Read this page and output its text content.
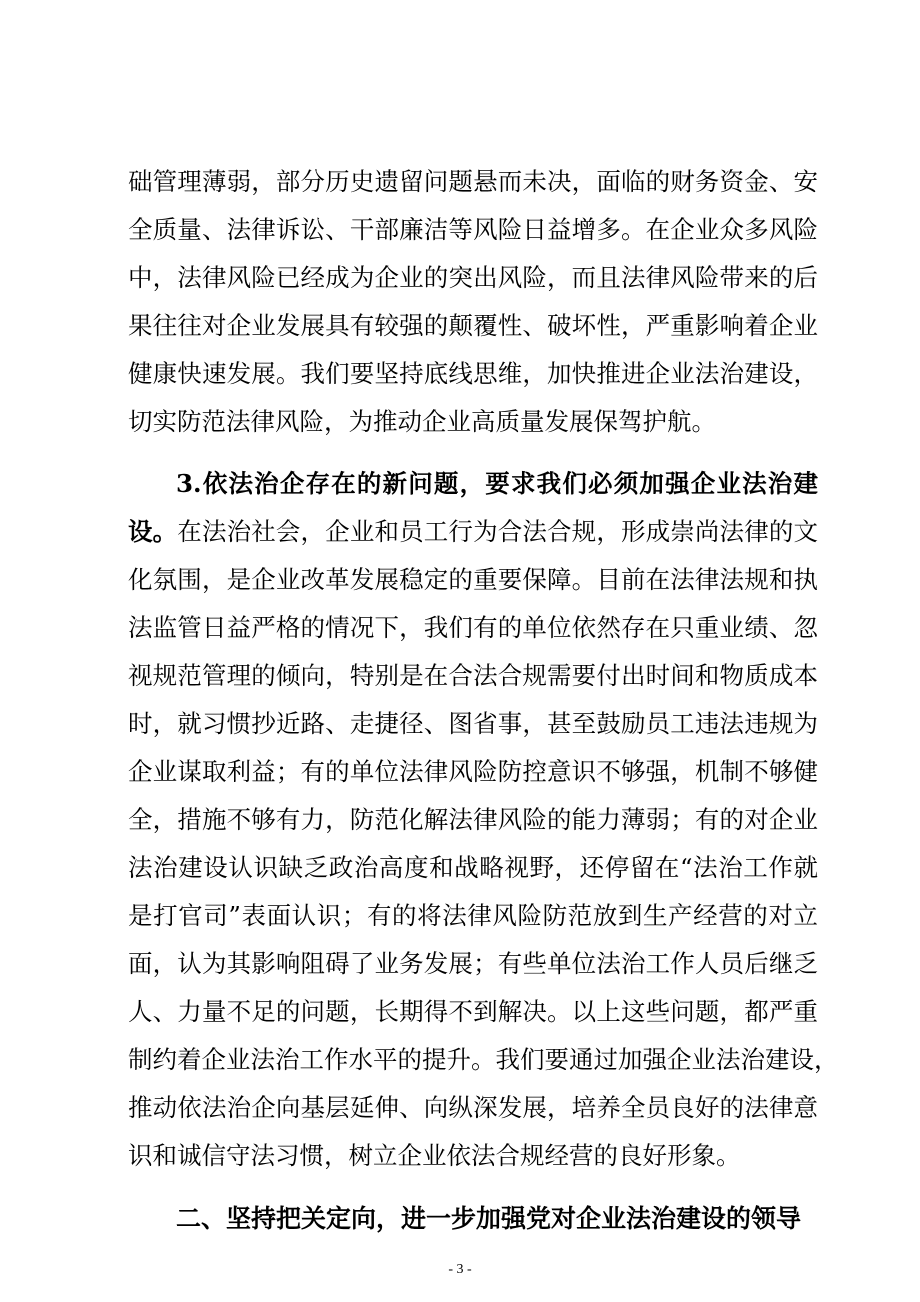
础管理薄弱，部分历史遗留问题悬而未决，面临的财务资金、安
全质量、法律诉讼、干部廉洁等风险日益增多。在企业众多风险
中，法律风险已经成为企业的突出风险，而且法律风险带来的后
果往往对企业发展具有较强的颠覆性、破坏性，严重影响着企业
健康快速发展。我们要坚持底线思维，加快推进企业法治建设，
切实防范法律风险，为推动企业高质量发展保驾护航。
3.依法治企存在的新问题，要求我们必须加强企业法治建
设。在法治社会，企业和员工行为合法合规，形成崇尚法律的文
化氛围，是企业改革发展稳定的重要保障。目前在法律法规和执
法监管日益严格的情况下，我们有的单位依然存在只重业绩、忽
视规范管理的倾向，特别是在合法合规需要付出时间和物质成本
时，就习惯抄近路、走捷径、图省事，甚至鼓励员工违法违规为
企业谋取利益；有的单位法律风险防控意识不够强，机制不够健
全，措施不够有力，防范化解法律风险的能力薄弱；有的对企业
法治建设认识缺乏政治高度和战略视野，还停留在“法治工作就
是打官司”表面认识；有的将法律风险防范放到生产经营的对立
面，认为其影响阻碍了业务发展；有些单位法治工作人员后继乏
人、力量不足的问题，长期得不到解决。以上这些问题，都严重
制约着企业法治工作水平的提升。我们要通过加强企业法治建设，
推动依法治企向基层延伸、向纵深发展，培养全员良好的法律意
识和诚信守法习惯，树立企业依法合规经营的良好形象。
二、坚持把关定向，进一步加强党对企业法治建设的领导
- 3 -
